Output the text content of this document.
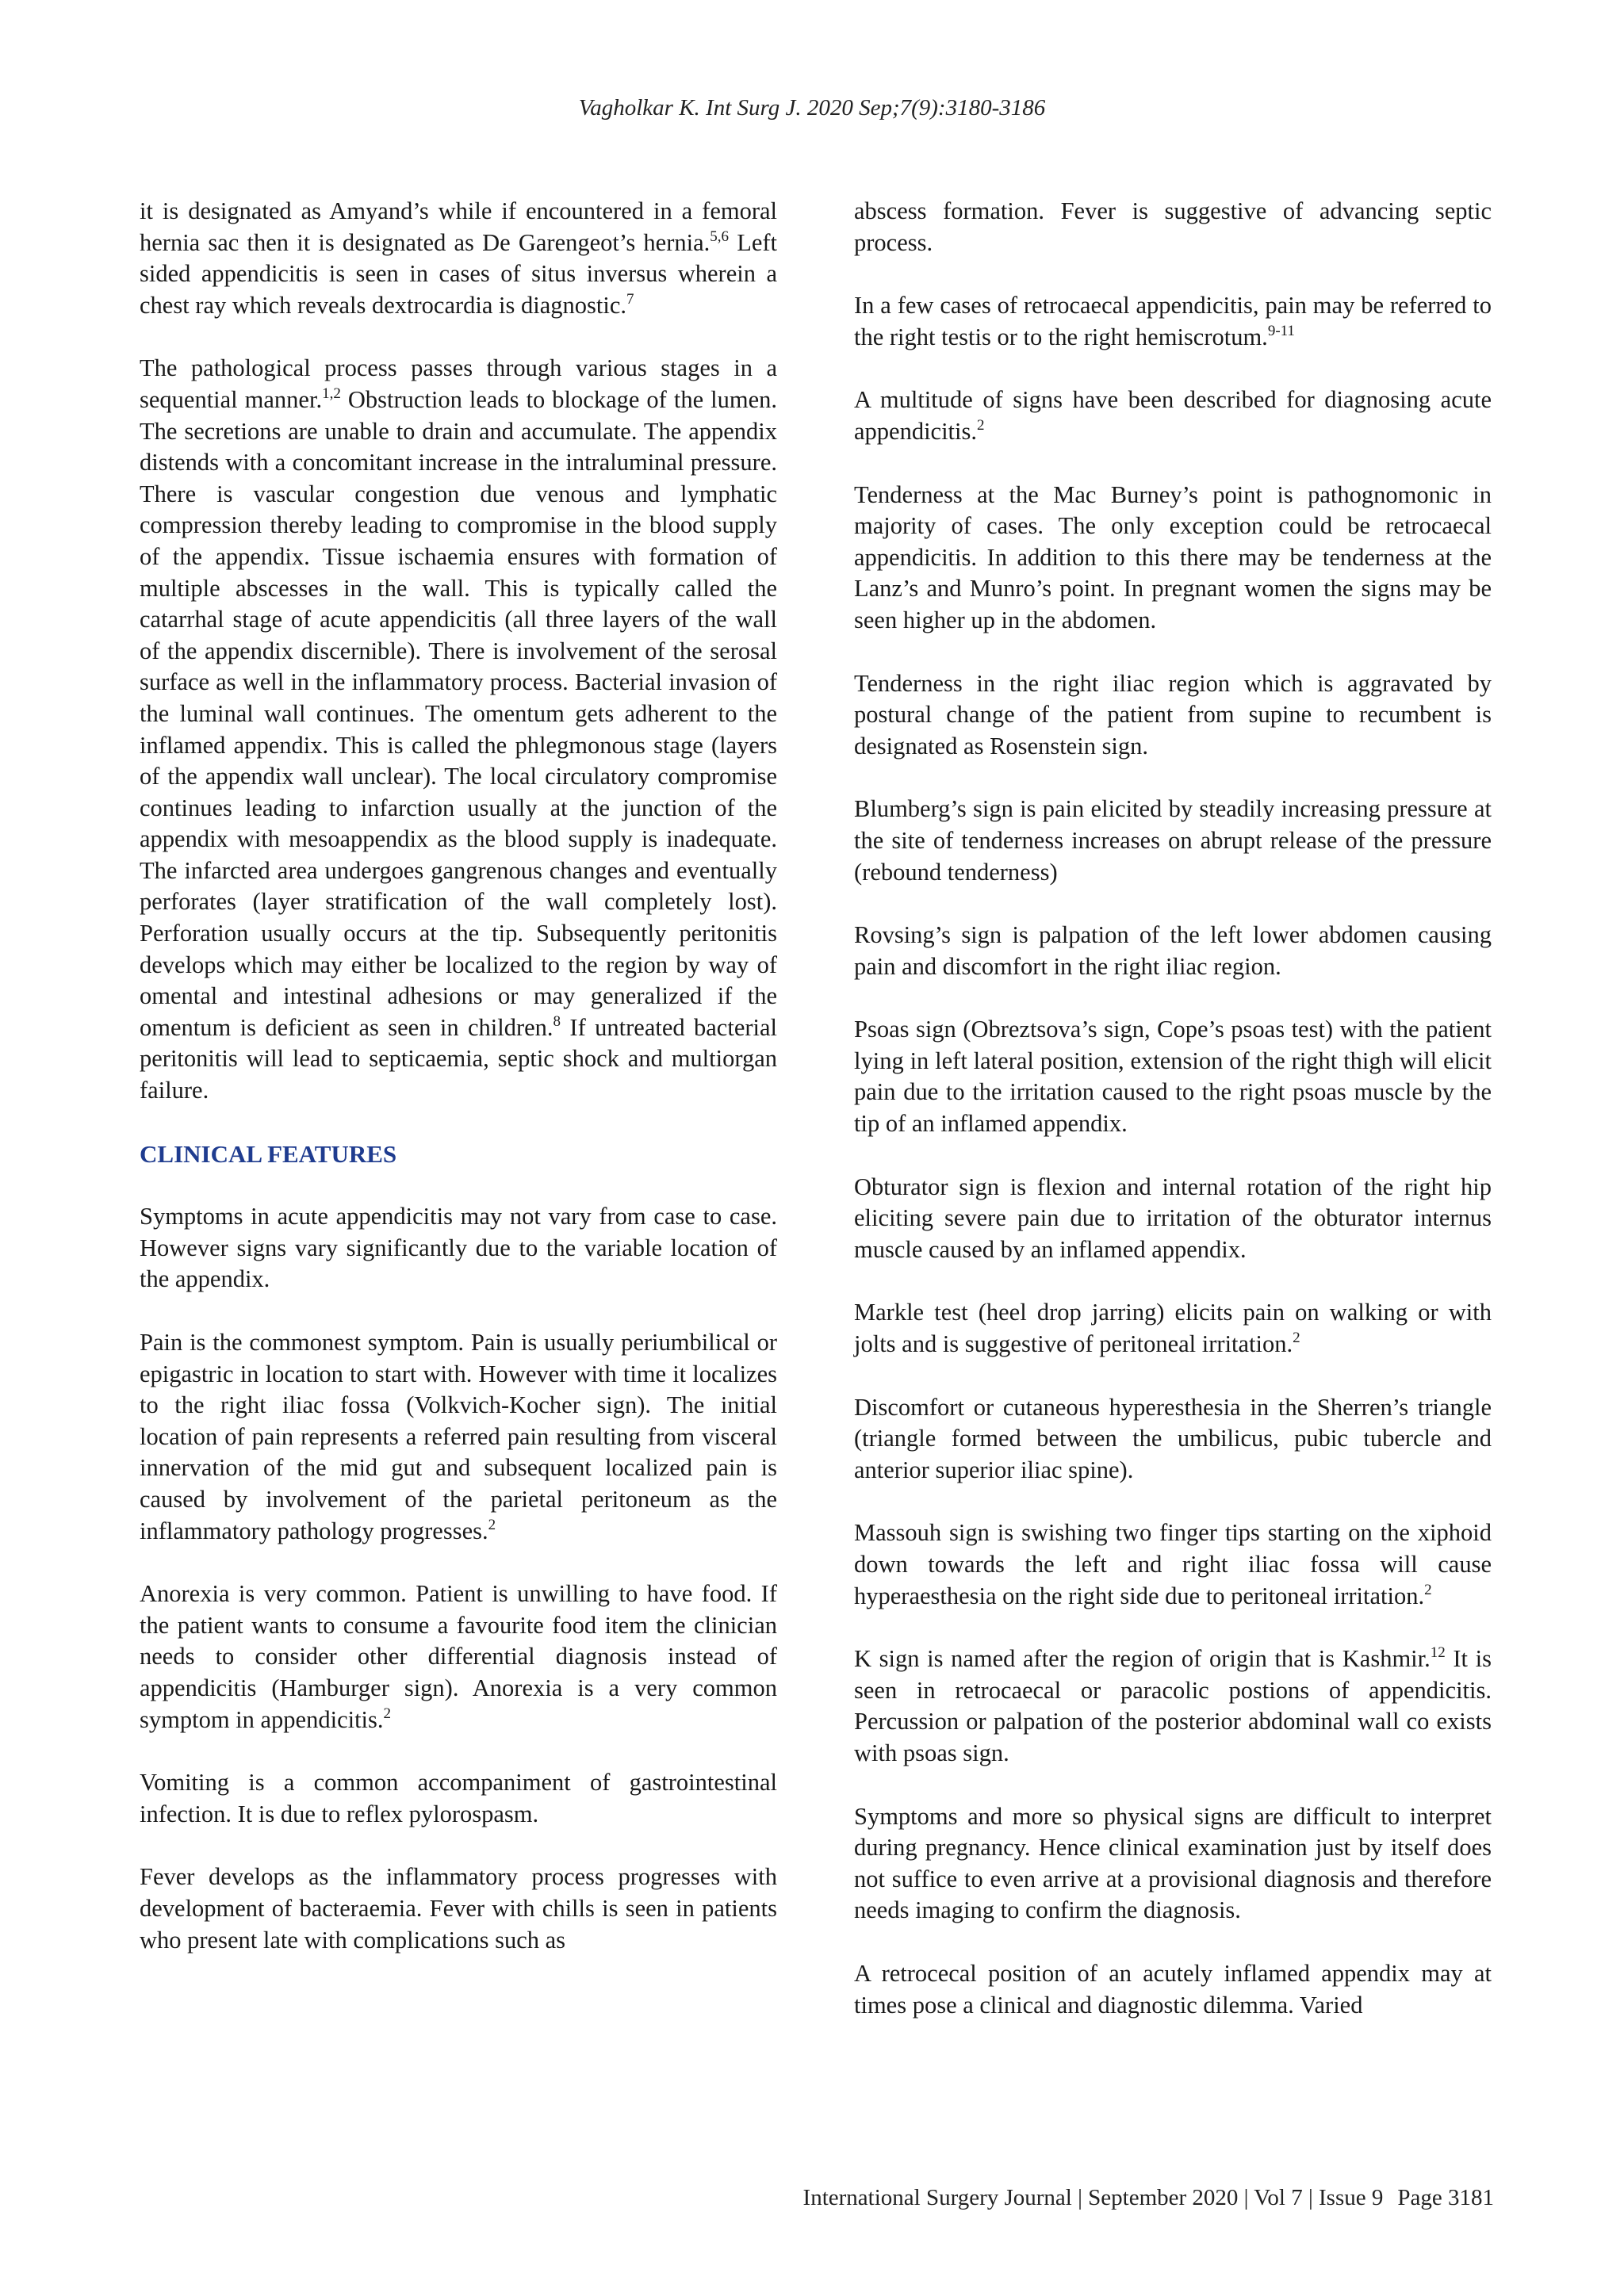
Vagholkar K. Int Surg J. 2020 Sep;7(9):3180-3186

it is designated as Amyand’s while if encountered in a femoral hernia sac then it is designated as De Garengeot’s hernia.$^{5,6}$ Left sided appendicitis is seen in cases of situs inversus wherein a chest ray which reveals dextrocardia is diagnostic.$^7$

The pathological process passes through various stages in a sequential manner.$^{1,2}$ Obstruction leads to blockage of the lumen. The secretions are unable to drain and accumulate. The appendix distends with a concomitant increase in the intraluminal pressure. There is vascular congestion due venous and lymphatic compression thereby leading to compromise in the blood supply of the appendix. Tissue ischaemia ensures with formation of multiple abscesses in the wall. This is typically called the catarrhal stage of acute appendicitis (all three layers of the wall of the appendix discernible). There is involvement of the serosal surface as well in the inflammatory process. Bacterial invasion of the luminal wall continues. The omentum gets adherent to the inflamed appendix. This is called the phlegmonous stage (layers of the appendix wall unclear). The local circulatory compromise continues leading to infarction usually at the junction of the appendix with mesoappendix as the blood supply is inadequate. The infarcted area undergoes gangrenous changes and eventually perforates (layer stratification of the wall completely lost). Perforation usually occurs at the tip. Subsequently peritonitis develops which may either be localized to the region by way of omental and intestinal adhesions or may generalized if the omentum is deficient as seen in children.$^8$ If untreated bacterial peritonitis will lead to septicaemia, septic shock and multiorgan failure.

CLINICAL FEATURES

Symptoms in acute appendicitis may not vary from case to case. However signs vary significantly due to the variable location of the appendix.

Pain is the commonest symptom. Pain is usually periumbilical or epigastric in location to start with. However with time it localizes to the right iliac fossa (Volkvich-Kocher sign). The initial location of pain represents a referred pain resulting from visceral innervation of the mid gut and subsequent localized pain is caused by involvement of the parietal peritoneum as the inflammatory pathology progresses.$^2$

Anorexia is very common. Patient is unwilling to have food. If the patient wants to consume a favourite food item the clinician needs to consider other differential diagnosis instead of appendicitis (Hamburger sign). Anorexia is a very common symptom in appendicitis.$^2$

Vomiting is a common accompaniment of gastrointestinal infection. It is due to reflex pylorospasm.

Fever develops as the inflammatory process progresses with development of bacteraemia. Fever with chills is seen in patients who present late with complications such as

abscess formation. Fever is suggestive of advancing septic process.

In a few cases of retrocaecal appendicitis, pain may be referred to the right testis or to the right hemiscrotum.$^{9-11}$

A multitude of signs have been described for diagnosing acute appendicitis.$^2$

Tenderness at the Mac Burney’s point is pathognomonic in majority of cases. The only exception could be retrocaecal appendicitis. In addition to this there may be tenderness at the Lanz’s and Munro’s point. In pregnant women the signs may be seen higher up in the abdomen.

Tenderness in the right iliac region which is aggravated by postural change of the patient from supine to recumbent is designated as Rosenstein sign.

Blumberg’s sign is pain elicited by steadily increasing pressure at the site of tenderness increases on abrupt release of the pressure (rebound tenderness)

Rovsing’s sign is palpation of the left lower abdomen causing pain and discomfort in the right iliac region.

Psoas sign (Obreztsova’s sign, Cope’s psoas test) with the patient lying in left lateral position, extension of the right thigh will elicit pain due to the irritation caused to the right psoas muscle by the tip of an inflamed appendix.

Obturator sign is flexion and internal rotation of the right hip eliciting severe pain due to irritation of the obturator internus muscle caused by an inflamed appendix.

Markle test (heel drop jarring) elicits pain on walking or with jolts and is suggestive of peritoneal irritation.$^2$

Discomfort or cutaneous hyperesthesia in the Sherren’s triangle (triangle formed between the umbilicus, pubic tubercle and anterior superior iliac spine).

Massouh sign is swishing two finger tips starting on the xiphoid down towards the left and right iliac fossa will cause hyperaesthesia on the right side due to peritoneal irritation.$^2$

K sign is named after the region of origin that is Kashmir.$^{12}$ It is seen in retrocaecal or paracolic postions of appendicitis. Percussion or palpation of the posterior abdominal wall co exists with psoas sign.

Symptoms and more so physical signs are difficult to interpret during pregnancy. Hence clinical examination just by itself does not suffice to even arrive at a provisional diagnosis and therefore needs imaging to confirm the diagnosis.

A retrocecal position of an acutely inflamed appendix may at times pose a clinical and diagnostic dilemma. Varied

International Surgery Journal | September 2020 | Vol 7 | Issue 9 Page 3181
